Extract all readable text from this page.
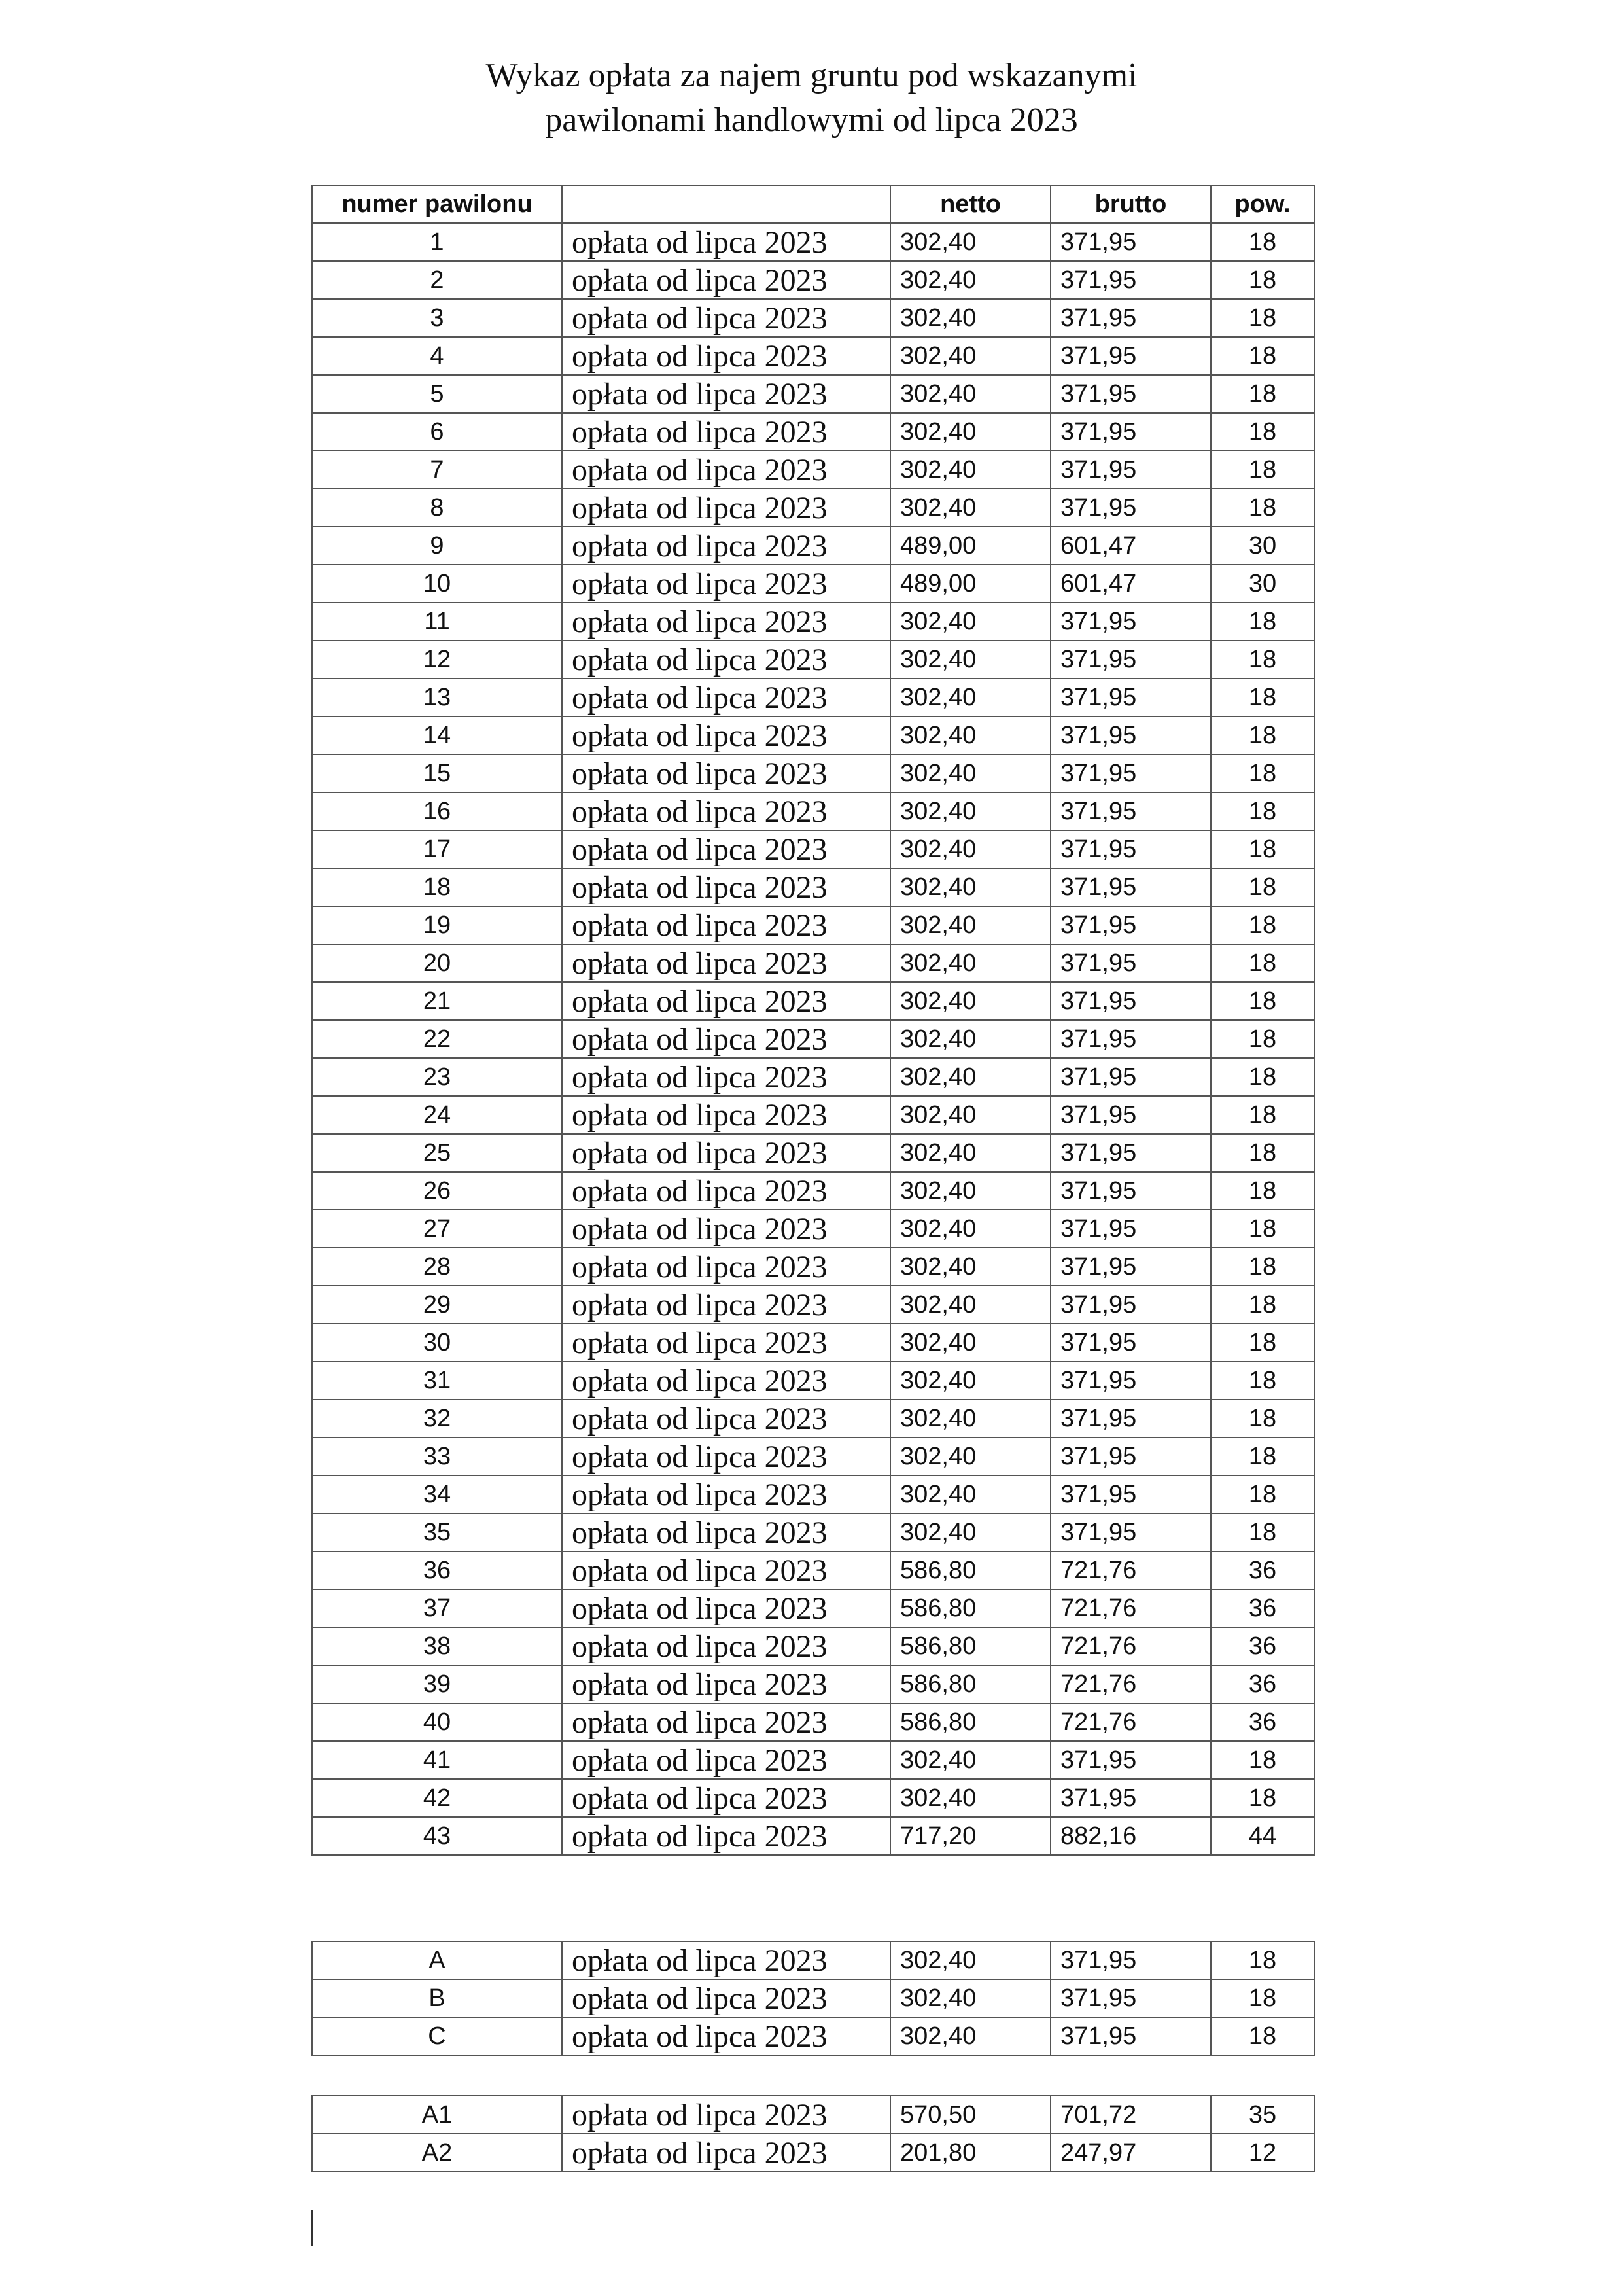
Wykaz opłata za najem gruntu pod wskazanymi
pawilonami handlowymi od lipca 2023
numer pawilonu		netto	brutto	pow.
1	opłata od lipca 2023	302,40	371,95	18
2	opłata od lipca 2023	302,40	371,95	18
3	opłata od lipca 2023	302,40	371,95	18
4	opłata od lipca 2023	302,40	371,95	18
5	opłata od lipca 2023	302,40	371,95	18
6	opłata od lipca 2023	302,40	371,95	18
7	opłata od lipca 2023	302,40	371,95	18
8	opłata od lipca 2023	302,40	371,95	18
9	opłata od lipca 2023	489,00	601,47	30
10	opłata od lipca 2023	489,00	601,47	30
11	opłata od lipca 2023	302,40	371,95	18
12	opłata od lipca 2023	302,40	371,95	18
13	opłata od lipca 2023	302,40	371,95	18
14	opłata od lipca 2023	302,40	371,95	18
15	opłata od lipca 2023	302,40	371,95	18
16	opłata od lipca 2023	302,40	371,95	18
17	opłata od lipca 2023	302,40	371,95	18
18	opłata od lipca 2023	302,40	371,95	18
19	opłata od lipca 2023	302,40	371,95	18
20	opłata od lipca 2023	302,40	371,95	18
21	opłata od lipca 2023	302,40	371,95	18
22	opłata od lipca 2023	302,40	371,95	18
23	opłata od lipca 2023	302,40	371,95	18
24	opłata od lipca 2023	302,40	371,95	18
25	opłata od lipca 2023	302,40	371,95	18
26	opłata od lipca 2023	302,40	371,95	18
27	opłata od lipca 2023	302,40	371,95	18
28	opłata od lipca 2023	302,40	371,95	18
29	opłata od lipca 2023	302,40	371,95	18
30	opłata od lipca 2023	302,40	371,95	18
31	opłata od lipca 2023	302,40	371,95	18
32	opłata od lipca 2023	302,40	371,95	18
33	opłata od lipca 2023	302,40	371,95	18
34	opłata od lipca 2023	302,40	371,95	18
35	opłata od lipca 2023	302,40	371,95	18
36	opłata od lipca 2023	586,80	721,76	36
37	opłata od lipca 2023	586,80	721,76	36
38	opłata od lipca 2023	586,80	721,76	36
39	opłata od lipca 2023	586,80	721,76	36
40	opłata od lipca 2023	586,80	721,76	36
41	opłata od lipca 2023	302,40	371,95	18
42	opłata od lipca 2023	302,40	371,95	18
43	opłata od lipca 2023	717,20	882,16	44
A	opłata od lipca 2023	302,40	371,95	18
B	opłata od lipca 2023	302,40	371,95	18
C	opłata od lipca 2023	302,40	371,95	18
A1	opłata od lipca 2023	570,50	701,72	35
A2	opłata od lipca 2023	201,80	247,97	12
